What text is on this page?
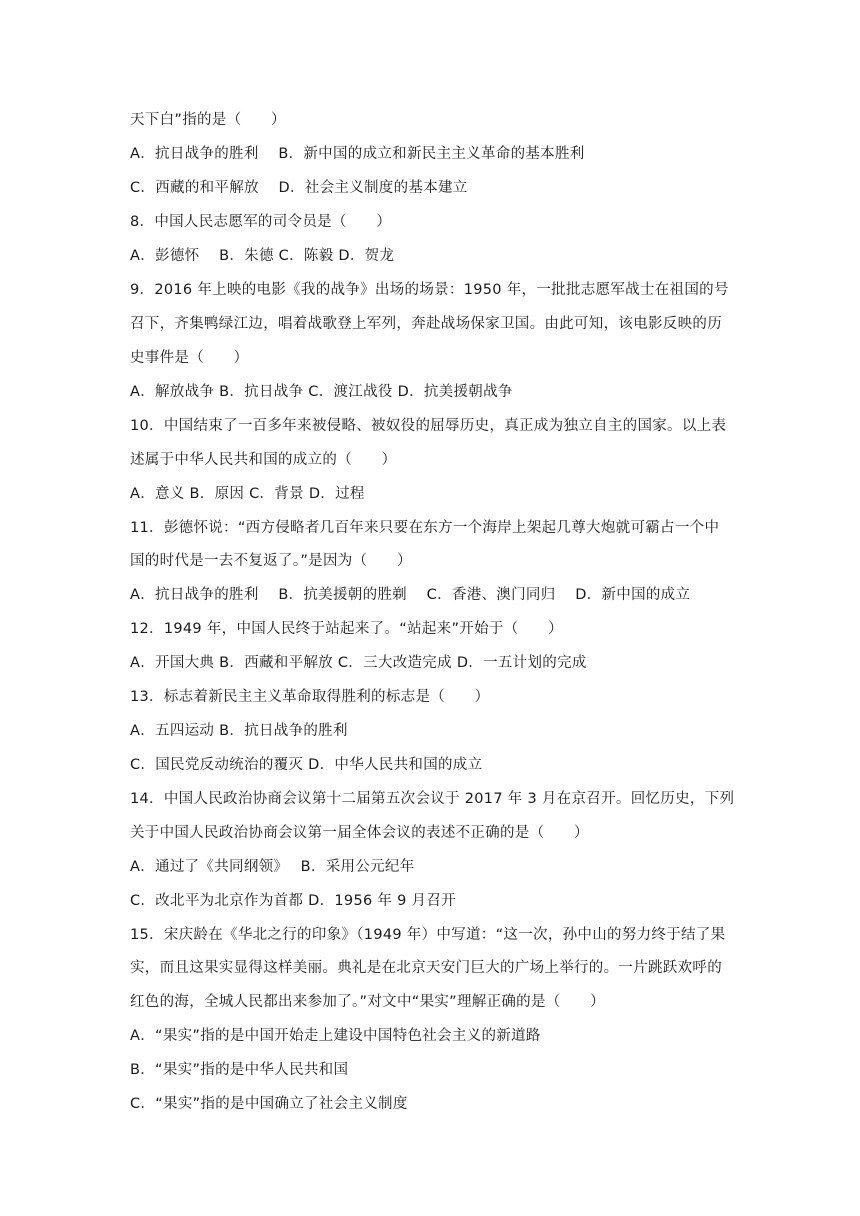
天下白”指的是（　　）
A．抗日战争的胜利　 B．新中国的成立和新民主主义革命的基本胜利
C．西藏的和平解放　 D．社会主义制度的基本建立
8．中国人民志愿军的司令员是（　　）
A．彭德怀　 B．朱德 C．陈毅 D．贺龙
9．2016 年上映的电影《我的战争》出场的场景：1950 年，一批批志愿军战士在祖国的号
召下，齐集鸭绿江边，唱着战歌登上军列，奔赴战场保家卫国。由此可知，该电影反映的历
史事件是（　　）
A．解放战争 B．抗日战争 C．渡江战役 D．抗美援朝战争
10．中国结束了一百多年来被侵略、被奴役的屈辱历史，真正成为独立自主的国家。以上表
述属于中华人民共和国的成立的（　　）
A．意义 B．原因 C．背景 D．过程
11．彭德怀说：“西方侵略者几百年来只要在东方一个海岸上架起几尊大炮就可霸占一个中
国的时代是一去不复返了。”是因为（　　）
A．抗日战争的胜利　 B．抗美援朝的胜剃　 C．香港、澳门同归　 D．新中国的成立
12．1949 年，中国人民终于站起来了。“站起来”开始于（　　）
A．开国大典 B．西藏和平解放 C．三大改造完成 D．一五计划的完成
13．标志着新民主主义革命取得胜利的标志是（　　）
A．五四运动 B．抗日战争的胜利
C．国民党反动统治的覆灭 D．中华人民共和国的成立
14．中国人民政治协商会议第十二届第五次会议于 2017 年 3 月在京召开。回忆历史，下列
关于中国人民政治协商会议第一届全体会议的表述不正确的是（　　）
A．通过了《共同纲领》　 B．采用公元纪年
C．改北平为北京作为首都 D．1956 年 9 月召开
15．宋庆龄在《华北之行的印象》（1949 年）中写道：“这一次，孙中山的努力终于结了果
实，而且这果实显得这样美丽。典礼是在北京天安门巨大的广场上举行的。一片跳跃欢呼的
红色的海，全城人民都出来参加了。”对文中“果实”理解正确的是（　　）
A．“果实”指的是中国开始走上建设中国特色社会主义的新道路
B．“果实”指的是中华人民共和国
C．“果实”指的是中国确立了社会主义制度
